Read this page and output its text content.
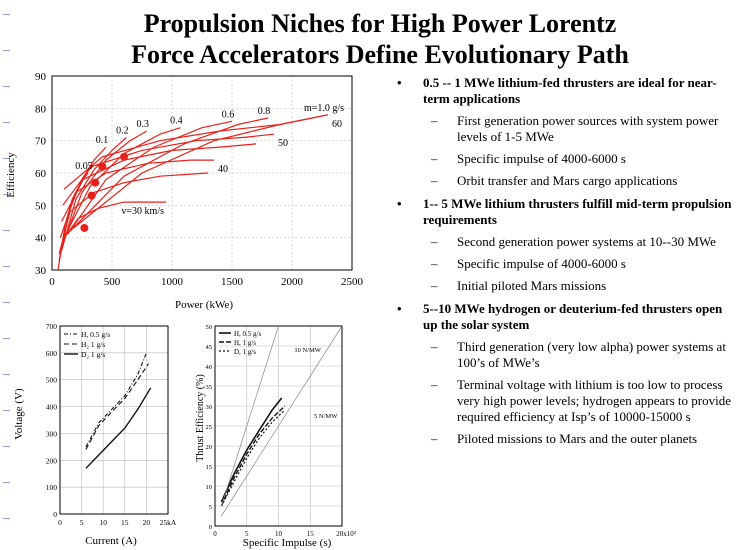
Propulsion Niches for High Power Lorentz
Force Accelerators Define Evolutionary Path
0	500	1000	1500	2000	2500
30
40
50
60
70
80
90
0.05
0.1
0.2
0.3 0.4
0.6 0.8	m=1.0 g/s
v=30 km/s
40
50
60
Efficiency
Power (kWe)
0 5 10 15 20 25kA
0
100
200
300
400
500
600
700
H, 0.5 g/s
H₂ 1 g/s
D₂ 1 g/s
Voltage (V)
Current (A)
0	5	10	15	20x10³
0
5
10
15
20
25
30
35
40
45
50
10 N/MW
5 N/MW
H, 0.5 g/s
H, 1 g/s
D, 1 g/s
Thrust Efficiency (%)
Specific Impulse (s)
• 0.5 -- 1 MWe lithium-fed thrusters are ideal for near-term applications
– First generation power sources with system power levels of 1-5 MWe
– Specific impulse of 4000-6000 s
– Orbit transfer and Mars cargo applications
• 1-- 5 MWe lithium thrusters fulfill mid-term propulsion requirements
– Second generation power systems at 10--30 MWe
– Specific impulse of 4000-6000 s
– Initial piloted Mars missions
• 5--10 MWe hydrogen or deuterium-fed thrusters open up the solar system
– Third generation (very low alpha) power systems at 100’s of MWe’s
– Terminal voltage with lithium is too low to process very high power levels; hydrogen appears to provide required efficiency at Isp’s of 10000-15000 s
– Piloted missions to Mars and the outer planets
